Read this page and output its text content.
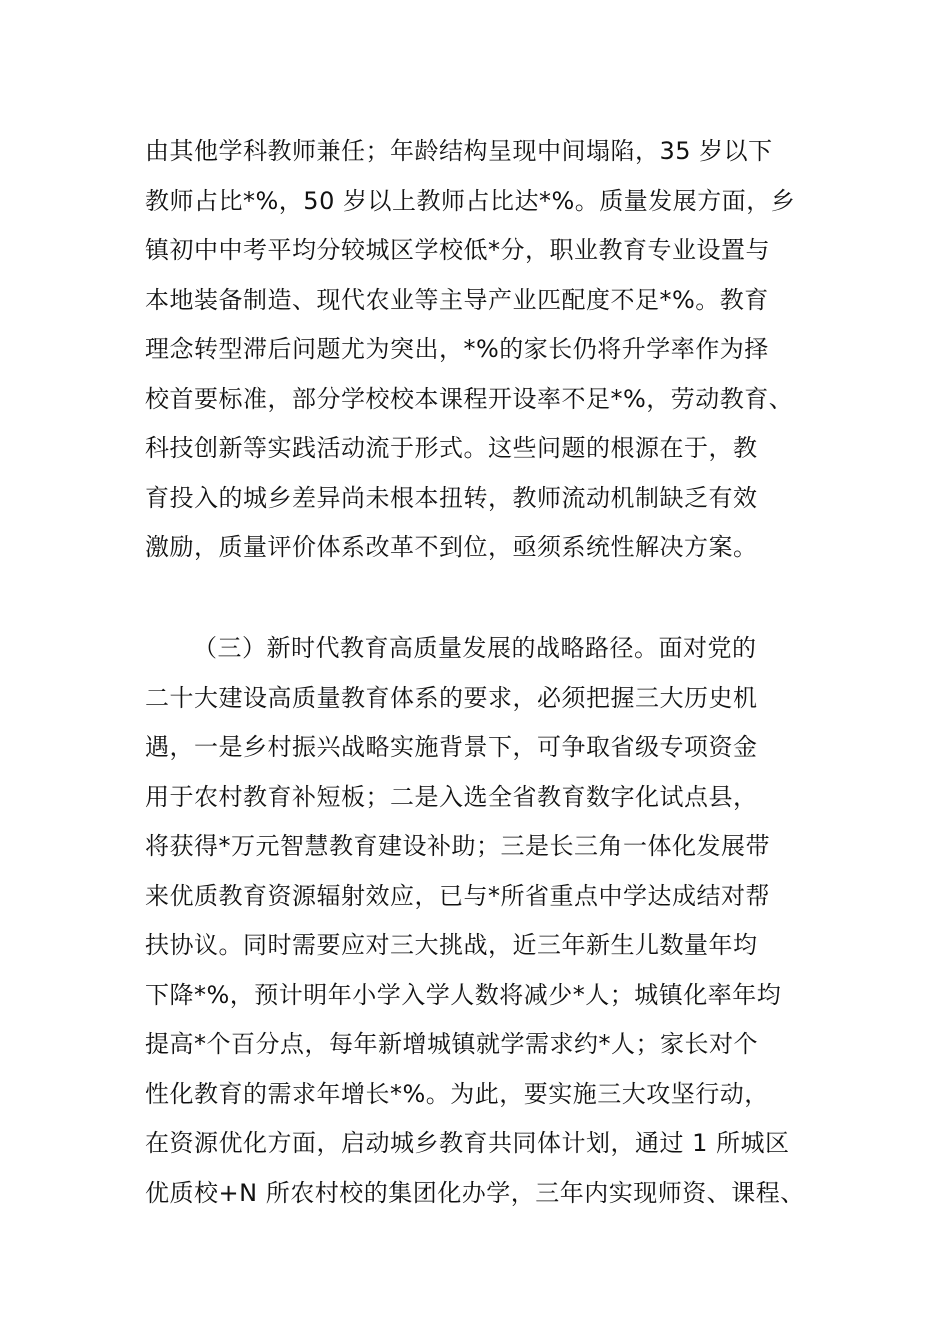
由其他学科教师兼任；年龄结构呈现中间塌陷，35 岁以下
教师占比*%，50 岁以上教师占比达*%。质量发展方面，乡
镇初中中考平均分较城区学校低*分，职业教育专业设置与
本地装备制造、现代农业等主导产业匹配度不足*%。教育
理念转型滞后问题尤为突出，*%的家长仍将升学率作为择
校首要标准，部分学校校本课程开设率不足*%，劳动教育、
科技创新等实践活动流于形式。这些问题的根源在于，教
育投入的城乡差异尚未根本扭转，教师流动机制缺乏有效
激励，质量评价体系改革不到位，亟须系统性解决方案。
（三）新时代教育高质量发展的战略路径。面对党的
二十大建设高质量教育体系的要求，必须把握三大历史机
遇，一是乡村振兴战略实施背景下，可争取省级专项资金
用于农村教育补短板；二是入选全省教育数字化试点县，
将获得*万元智慧教育建设补助；三是长三角一体化发展带
来优质教育资源辐射效应，已与*所省重点中学达成结对帮
扶协议。同时需要应对三大挑战，近三年新生儿数量年均
下降*%，预计明年小学入学人数将减少*人；城镇化率年均
提高*个百分点，每年新增城镇就学需求约*人；家长对个
性化教育的需求年增长*%。为此，要实施三大攻坚行动，
在资源优化方面，启动城乡教育共同体计划，通过 1 所城区
优质校+N 所农村校的集团化办学，三年内实现师资、课程、
